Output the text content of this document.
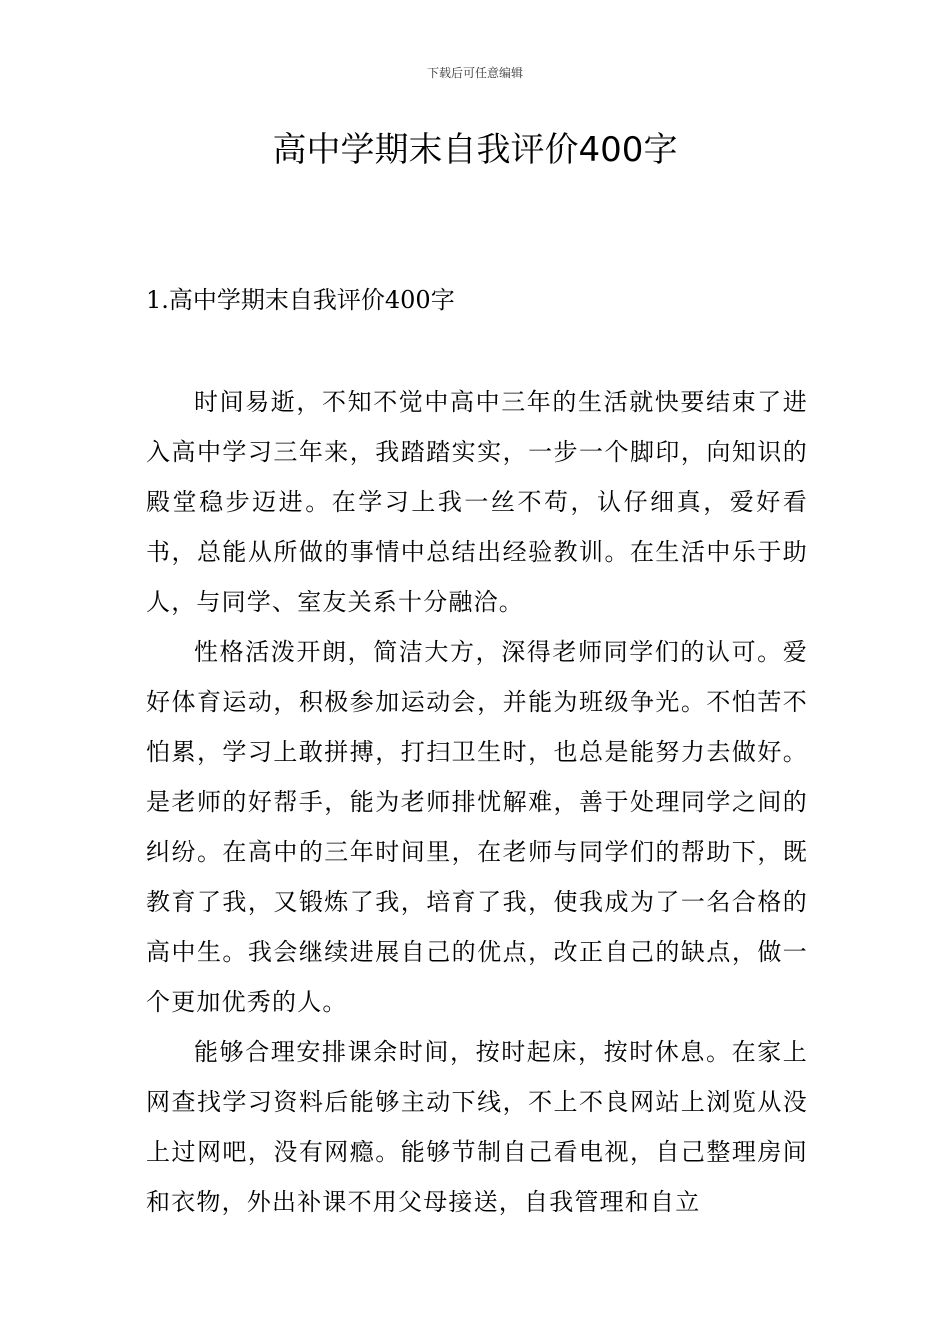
下载后可任意编辑
高中学期末自我评价400字
1.高中学期末自我评价400字

时间易逝，不知不觉中高中三年的生活就快要结束了进入高中学习三年来，我踏踏实实，一步一个脚印，向知识的殿堂稳步迈进。在学习上我一丝不苟，认仔细真，爱好看书，总能从所做的事情中总结出经验教训。在生活中乐于助人，与同学、室友关系十分融洽。

性格活泼开朗，简洁大方，深得老师同学们的认可。爱好体育运动，积极参加运动会，并能为班级争光。不怕苦不怕累，学习上敢拼搏，打扫卫生时，也总是能努力去做好。是老师的好帮手，能为老师排忧解难，善于处理同学之间的纠纷。在高中的三年时间里，在老师与同学们的帮助下，既教育了我，又锻炼了我，培育了我，使我成为了一名合格的高中生。我会继续进展自己的优点，改正自己的缺点，做一个更加优秀的人。

能够合理安排课余时间，按时起床，按时休息。在家上网查找学习资料后能够主动下线，不上不良网站上浏览从没上过网吧，没有网瘾。能够节制自己看电视，自己整理房间和衣物，外出补课不用父母接送，自我管理和自立
